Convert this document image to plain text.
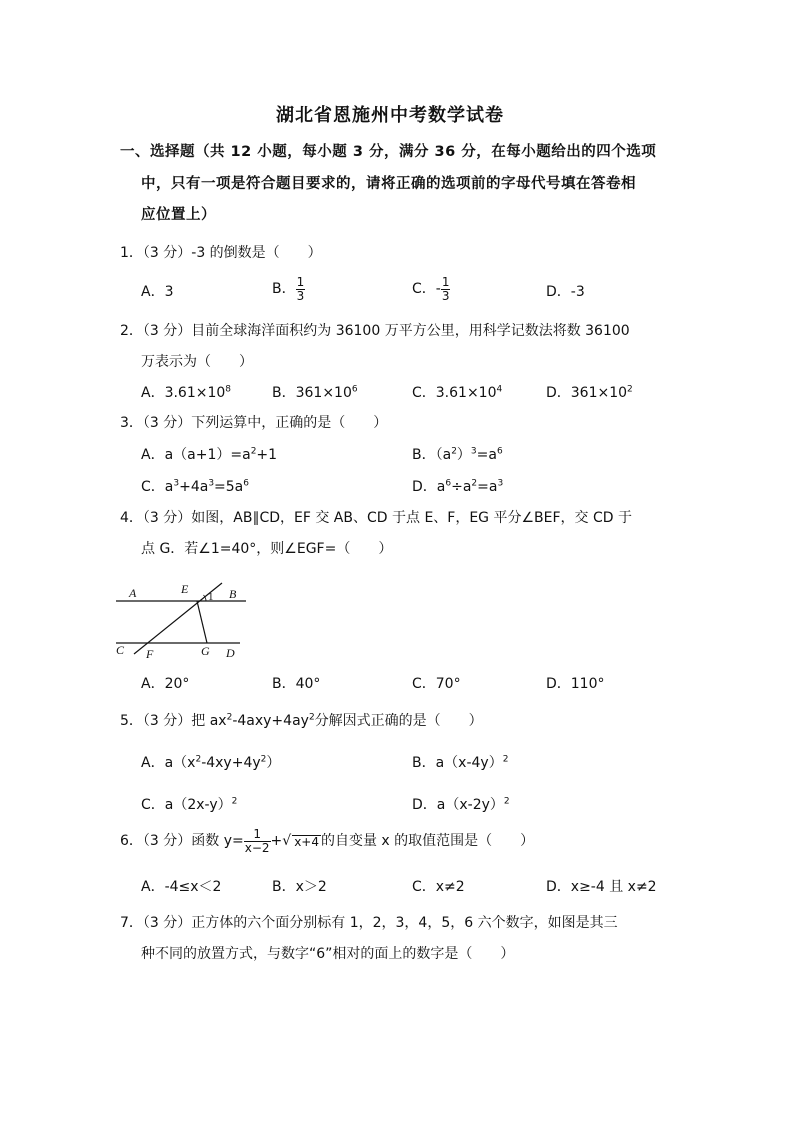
湖北省恩施州中考数学试卷
一、选择题（共 12 小题，每小题 3 分，满分 36 分，在每小题给出的四个选项
中，只有一项是符合题目要求的，请将正确的选项前的字母代号填在答卷相
应位置上）
1．（3 分）-3 的倒数是（　　）
A．3	B． $\frac{1}{3}$	C．- $\frac{1}{3}$	D．-3
2．（3 分）目前全球海洋面积约为 36100 万平方公里，用科学记数法将数 36100
万表示为（　　）
A．$3.61\times 10^8$	B．$361\times 10^6$	C．$3.61\times 10^4$	D．$361\times 10^2$
3．（3 分）下列运算中，正确的是（　　）
A．$a(a+1)=a^2+1$	B．$(a^2)^3=a^6$
C．$a^3+4a^3=5a^6$	D．$a^6\div a^2=a^3$
4．（3 分）如图，AB∥CD，EF 交 AB、CD 于点 E、F，EG 平分∠BEF，交 CD 于
点 G．若∠1=40°，则∠EGF=（　　）
A	E
1 B
C F	G D
A．20°	B．40°	C．70°	D．110°
5．（3 分）把 $ax^2-4axy+4ay^2$分解因式正确的是（　　）
A．$a(x^2-4xy+4y^2)$	B．$a(x-4y)^2$
C．$a(2x-y)^2$	D．$a(x-2y)^2$
6．（3 分）函数 $y= \frac{1}{x-2}$ +√ x+4 的自变量 x 的取值范围是（　　）
A．-4≤x＜2	B．x＞2	C．x≠2	D．x≥-4 且 x≠2
7．（3 分）正方体的六个面分别标有 1，2，3，4，5，6 六个数字，如图是其三
种不同的放置方式，与数字“6”相对的面上的数字是（　　）
